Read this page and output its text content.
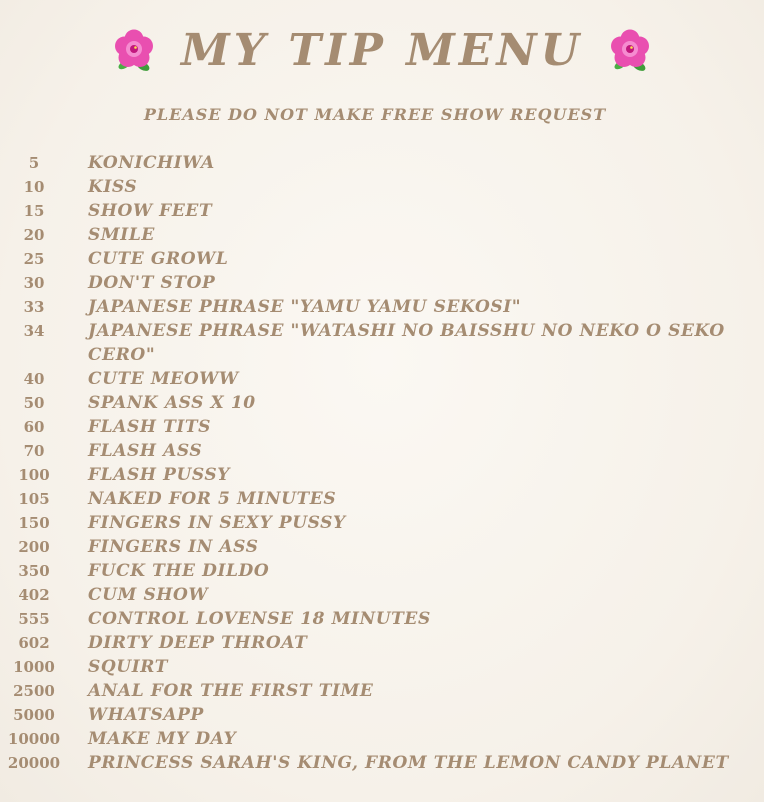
MY TIP MENU
PLEASE DO NOT MAKE FREE SHOW REQUEST
5	KONICHIWA
10	KISS
15	SHOW FEET
20	SMILE
25	CUTE GROWL
30	DON'T STOP
33	JAPANESE PHRASE "YAMU YAMU SEKOSI"
34	JAPANESE PHRASE "WATASHI NO BAISSHU NO NEKO O SEKO CERO"
40	CUTE MEOWW
50	SPANK ASS X 10
60	FLASH TITS
70	FLASH ASS
100	FLASH PUSSY
105	NAKED FOR 5 MINUTES
150	FINGERS IN SEXY PUSSY
200	FINGERS IN ASS
350	FUCK THE DILDO
402	CUM SHOW
555	CONTROL LOVENSE 18 MINUTES
602	DIRTY DEEP THROAT
1000	SQUIRT
2500	ANAL FOR THE FIRST TIME
5000	WHATSAPP
10000	MAKE MY DAY
20000	PRINCESS SARAH'S KING, FROM THE LEMON CANDY PLANET
